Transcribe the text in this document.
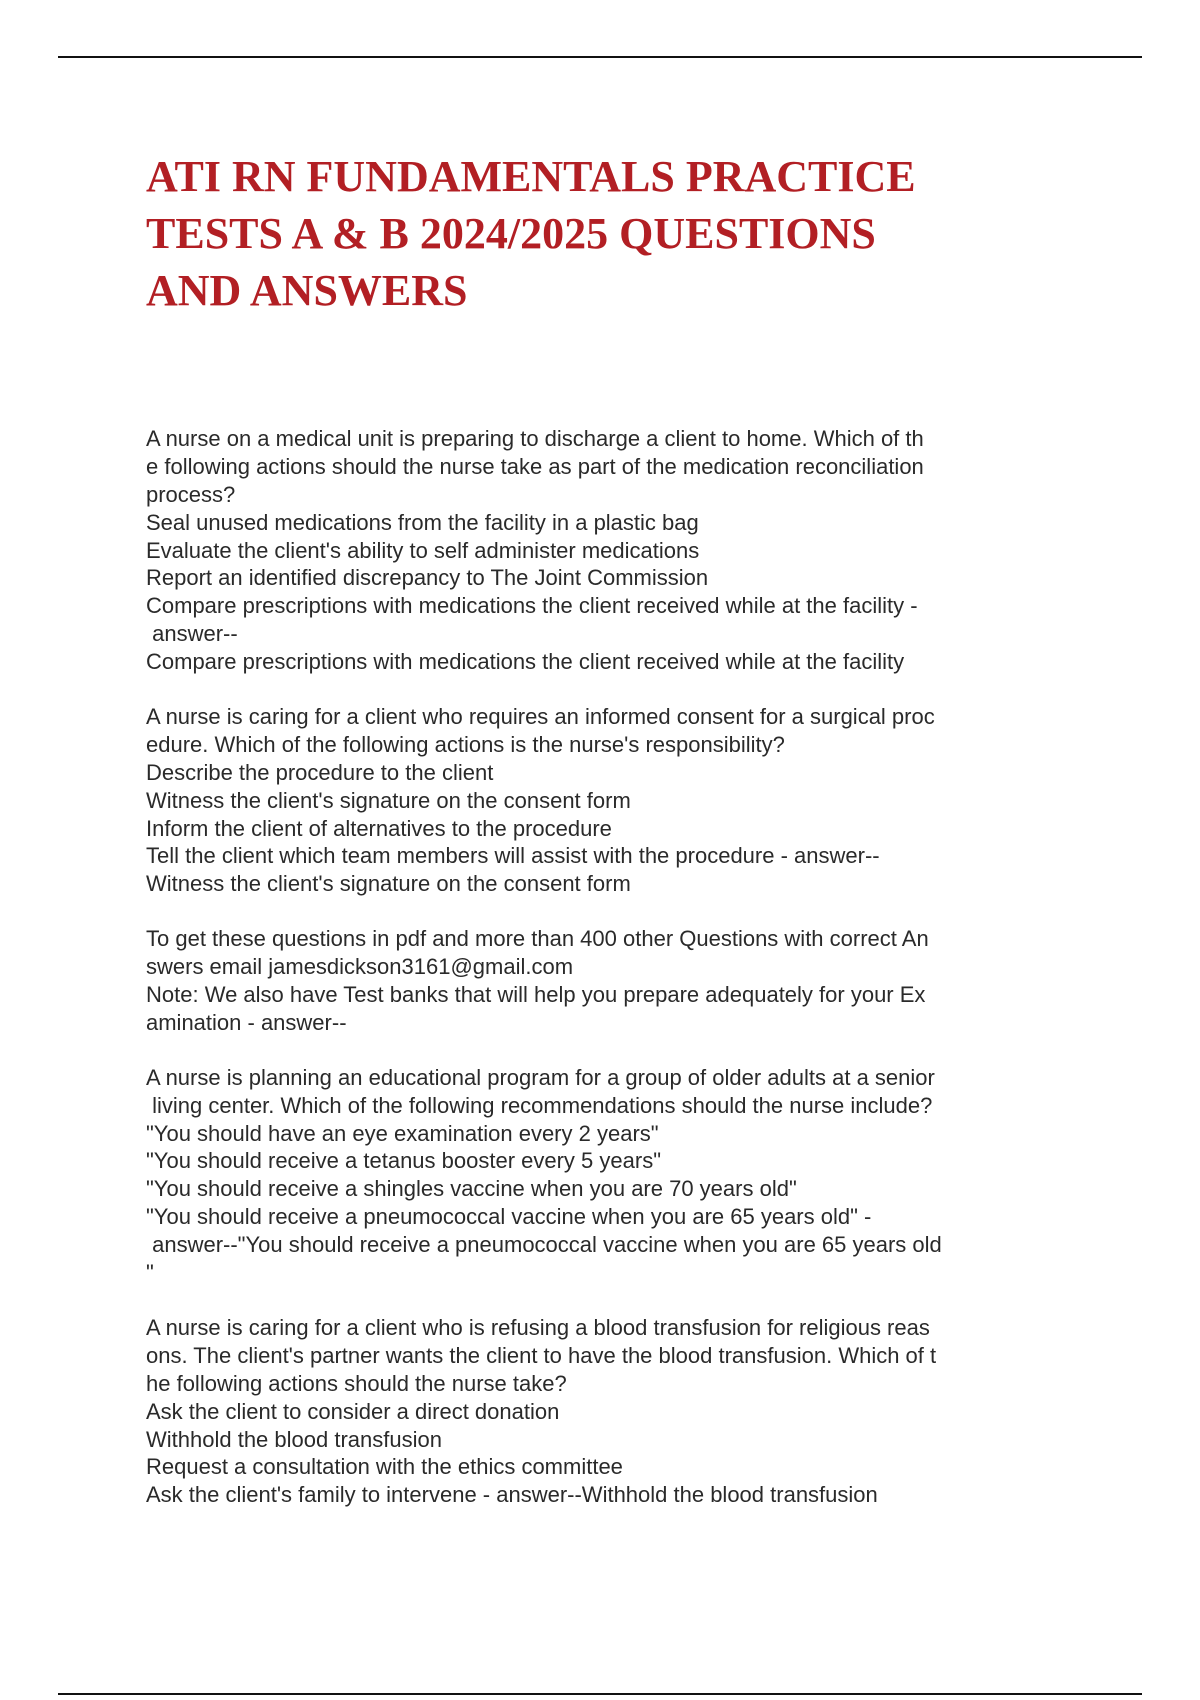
ATI RN FUNDAMENTALS PRACTICE
TESTS A & B 2024/2025 QUESTIONS
AND ANSWERS
A nurse on a medical unit is preparing to discharge a client to home. Which of th
e following actions should the nurse take as part of the medication reconciliation
process?
Seal unused medications from the facility in a plastic bag
Evaluate the client's ability to self administer medications
Report an identified discrepancy to The Joint Commission
Compare prescriptions with medications the client received while at the facility -
answer--
Compare prescriptions with medications the client received while at the facility
A nurse is caring for a client who requires an informed consent for a surgical proc
edure. Which of the following actions is the nurse's responsibility?
Describe the procedure to the client
Witness the client's signature on the consent form
Inform the client of alternatives to the procedure
Tell the client which team members will assist with the procedure - answer--
Witness the client's signature on the consent form
To get these questions in pdf and more than 400 other Questions with correct An
swers email jamesdickson3161@gmail.com
Note: We also have Test banks that will help you prepare adequately for your Ex
amination - answer--
A nurse is planning an educational program for a group of older adults at a senior
living center. Which of the following recommendations should the nurse include?
"You should have an eye examination every 2 years"
"You should receive a tetanus booster every 5 years"
"You should receive a shingles vaccine when you are 70 years old"
"You should receive a pneumococcal vaccine when you are 65 years old" -
answer--"You should receive a pneumococcal vaccine when you are 65 years old
"
A nurse is caring for a client who is refusing a blood transfusion for religious reas
ons. The client's partner wants the client to have the blood transfusion. Which of t
he following actions should the nurse take?
Ask the client to consider a direct donation
Withhold the blood transfusion
Request a consultation with the ethics committee
Ask the client's family to intervene - answer--Withhold the blood transfusion
